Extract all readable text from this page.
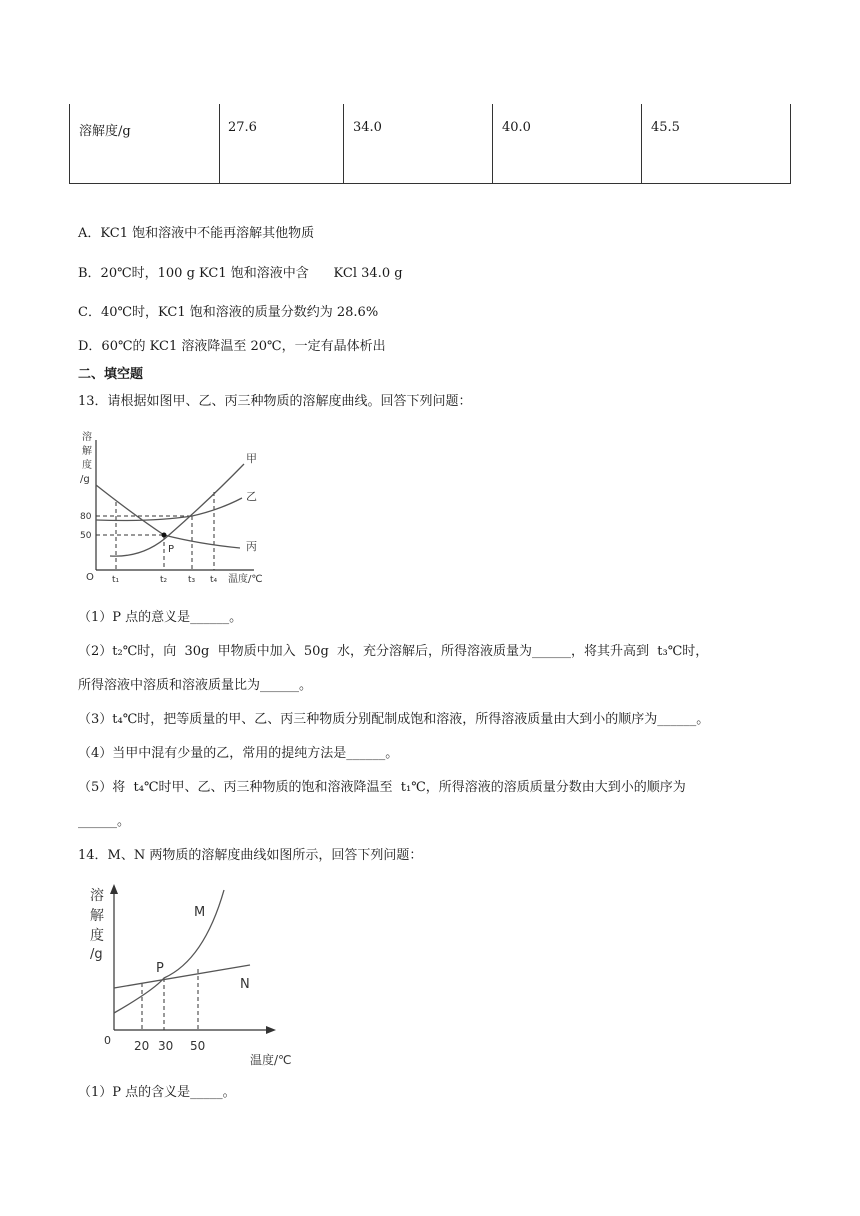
溶解度/g	27.6	34.0	40.0	45.5
A．KC1 饱和溶液中不能再溶解其他物质
B．20℃时，100 g KC1 饱和溶液中含      KCl 34.0 g
C．40℃时，KC1 饱和溶液的质量分数约为 28.6%
D．60℃的 KC1 溶液降温至 20℃，一定有晶体析出
二、填空题
13．请根据如图甲、乙、丙三种物质的溶解度曲线。回答下列问题：
溶
解
度
/g
80
50
甲
乙
丙
P
O t₁	t₂ t₃ t₄ 温度/℃
（1）P 点的意义是______。
（2）t₂℃时，向  30g  甲物质中加入  50g  水，充分溶解后，所得溶液质量为______，将其升高到  t₃℃时，
所得溶液中溶质和溶液质量比为______。
（3）t₄℃时，把等质量的甲、乙、丙三种物质分别配制成饱和溶液，所得溶液质量由大到小的顺序为______。
（4）当甲中混有少量的乙，常用的提纯方法是______。
（5）将  t₄℃时甲、乙、丙三种物质的饱和溶液降温至  t₁℃，所得溶液的溶质质量分数由大到小的顺序为
______。
14．M、N 两物质的溶解度曲线如图所示，回答下列问题：
溶
解
度
/g
M
N
P
0 20 30 50
温度/℃
（1）P 点的含义是_____。
